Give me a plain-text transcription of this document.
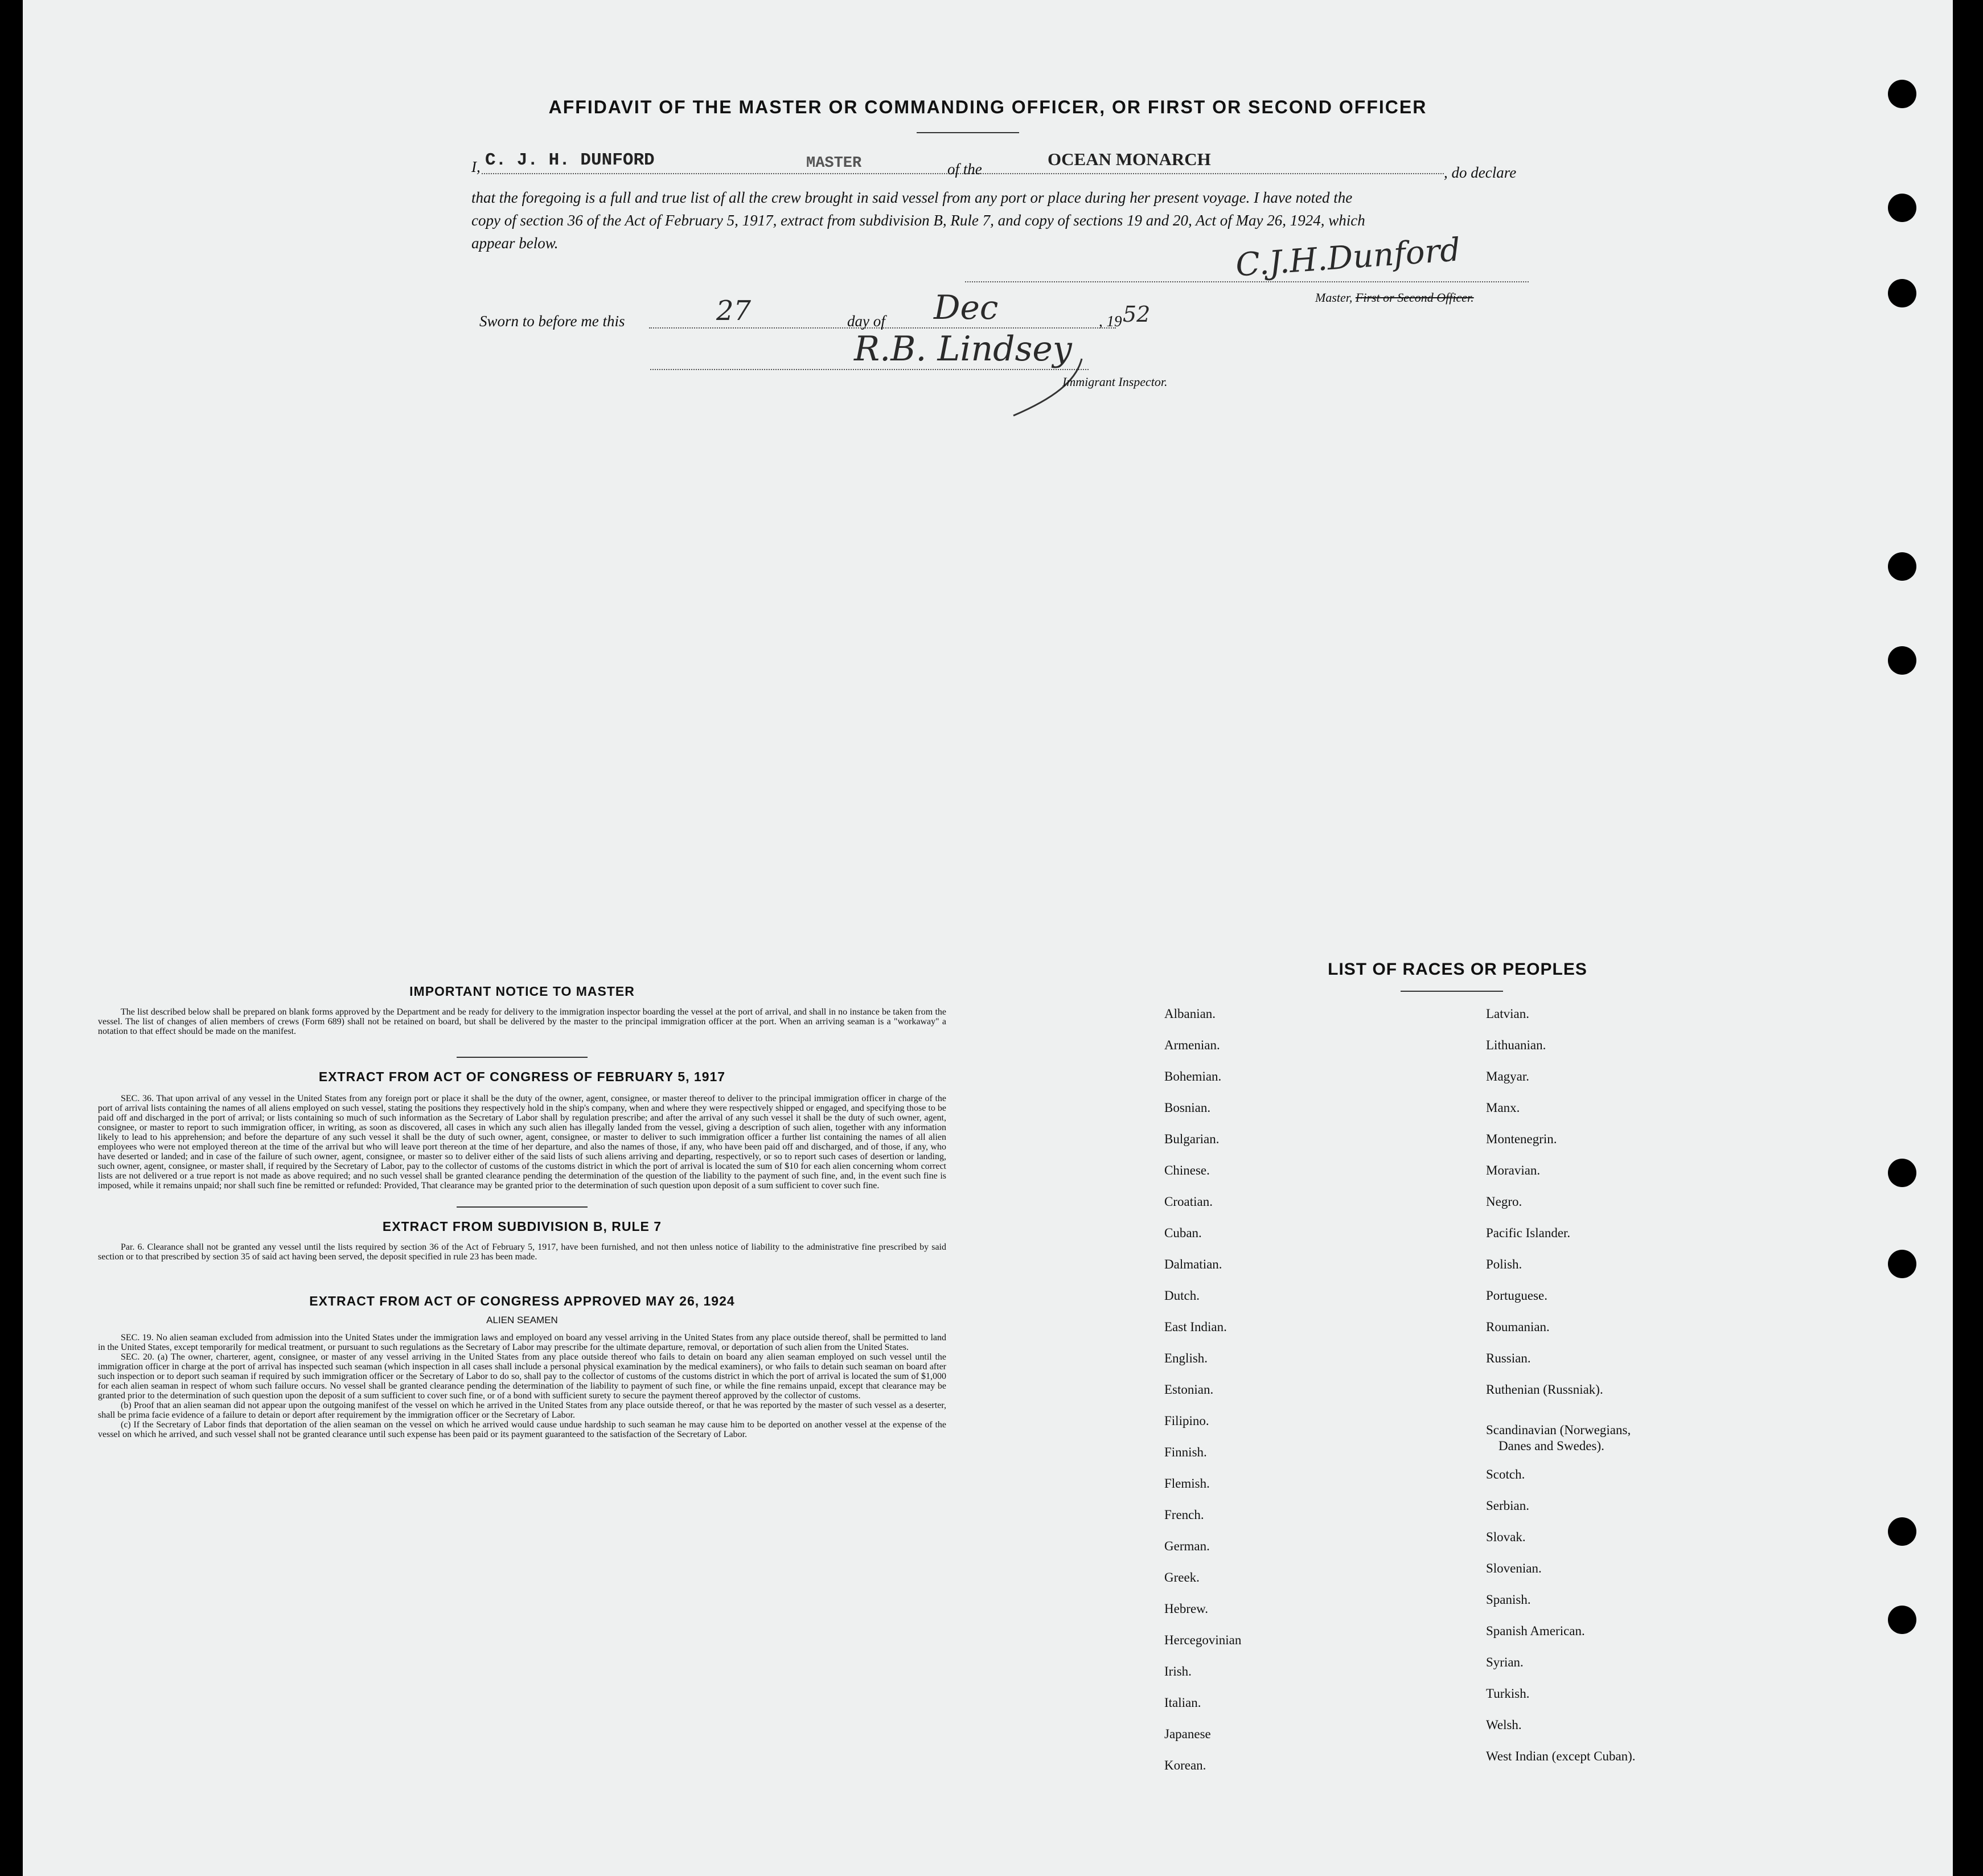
AFFIDAVIT OF THE MASTER OR COMMANDING OFFICER, OR FIRST OR SECOND OFFICER
I, C. J. H. DUNFORD	MASTER	of the	OCEAN MONARCH
, do declare
that the foregoing is a full and true list of all the crew brought in said vessel from any port or place during her present voyage. I have noted the
copy of section 36 of the Act of February 5, 1917, extract from subdivision B, Rule 7, and copy of sections 19 and 20, Act of May 26, 1924, which
appear below.	C.J.H.Dunford
Master, First or Second Officer.
Sworn to before me this	27	day of Dec	, 19 52
R.B. Lindsey
Immigrant Inspector.
IMPORTANT NOTICE TO MASTER

The list described below shall be prepared on blank forms approved by the Department and be ready for delivery to the immigration inspector boarding the vessel at the port of arrival, and shall in no instance be taken from the vessel. The list of changes of alien members of crews (Form 689) shall not be retained on board, but shall be delivered by the master to the principal immigration officer at the port. When an arriving seaman is a "workaway" a notation to that effect should be made on the manifest.

EXTRACT FROM ACT OF CONGRESS OF FEBRUARY 5, 1917

SEC. 36. That upon arrival of any vessel in the United States from any foreign port or place it shall be the duty of the owner, agent, consignee, or master thereof to deliver to the principal immigration officer in charge of the port of arrival lists containing the names of all aliens employed on such vessel, stating the positions they respectively hold in the ship's company, when and where they were respectively shipped or engaged, and specifying those to be paid off and discharged in the port of arrival; or lists containing so much of such information as the Secretary of Labor shall by regulation prescribe; and after the arrival of any such vessel it shall be the duty of such owner, agent, consignee, or master to report to such immigration officer, in writing, as soon as discovered, all cases in which any such alien has illegally landed from the vessel, giving a description of such alien, together with any information likely to lead to his apprehension; and before the departure of any such vessel it shall be the duty of such owner, agent, consignee, or master to deliver to such immigration officer a further list containing the names of all alien employees who were not employed thereon at the time of the arrival but who will leave port thereon at the time of her departure, and also the names of those, if any, who have been paid off and discharged, and of those, if any, who have deserted or landed; and in case of the failure of such owner, agent, consignee, or master so to deliver either of the said lists of such aliens arriving and departing, respectively, or so to report such cases of desertion or landing, such owner, agent, consignee, or master shall, if required by the Secretary of Labor, pay to the collector of customs of the customs district in which the port of arrival is located the sum of $10 for each alien concerning whom correct lists are not delivered or a true report is not made as above required; and no such vessel shall be granted clearance pending the determination of the question of the liability to the payment of such fine, and, in the event such fine is imposed, while it remains unpaid; nor shall such fine be remitted or refunded: Provided, That clearance may be granted prior to the determination of such question upon deposit of a sum sufficient to cover such fine.

EXTRACT FROM SUBDIVISION B, RULE 7

Par. 6. Clearance shall not be granted any vessel until the lists required by section 36 of the Act of February 5, 1917, have been furnished, and not then unless notice of liability to the administrative fine prescribed by said section or to that prescribed by section 35 of said act having been served, the deposit specified in rule 23 has been made.

EXTRACT FROM ACT OF CONGRESS APPROVED MAY 26, 1924
ALIEN SEAMEN

SEC. 19. No alien seaman excluded from admission into the United States under the immigration laws and employed on board any vessel arriving in the United States from any place outside thereof, shall be permitted to land in the United States, except temporarily for medical treatment, or pursuant to such regulations as the Secretary of Labor may prescribe for the ultimate departure, removal, or deportation of such alien from the United States.

SEC. 20. (a) The owner, charterer, agent, consignee, or master of any vessel arriving in the United States from any place outside thereof who fails to detain on board any alien seaman employed on such vessel until the immigration officer in charge at the port of arrival has inspected such seaman (which inspection in all cases shall include a personal physical examination by the medical examiners), or who fails to detain such seaman on board after such inspection or to deport such seaman if required by such immigration officer or the Secretary of Labor to do so, shall pay to the collector of customs of the customs district in which the port of arrival is located the sum of $1,000 for each alien seaman in respect of whom such failure occurs. No vessel shall be granted clearance pending the determination of the liability to payment of such fine, or while the fine remains unpaid, except that clearance may be granted prior to the determination of such question upon the deposit of a sum sufficient to cover such fine, or of a bond with sufficient surety to secure the payment thereof approved by the collector of customs.

(b) Proof that an alien seaman did not appear upon the outgoing manifest of the vessel on which he arrived in the United States from any place outside thereof, or that he was reported by the master of such vessel as a deserter, shall be prima facie evidence of a failure to detain or deport after requirement by the immigration officer or the Secretary of Labor.

(c) If the Secretary of Labor finds that deportation of the alien seaman on the vessel on which he arrived would cause undue hardship to such seaman he may cause him to be deported on another vessel at the expense of the vessel on which he arrived, and such vessel shall not be granted clearance until such expense has been paid or its payment guaranteed to the satisfaction of the Secretary of Labor.

LIST OF RACES OR PEOPLES
Albanian.
Armenian.
Bohemian.
Bosnian.
Bulgarian.
Chinese.
Croatian.
Cuban.
Dalmatian.
Dutch.
East Indian.
English.
Estonian.
Filipino.
Finnish.
Flemish.
French.
German.
Greek.
Hebrew.
Hercegovinian
Irish.
Italian.
Japanese
Korean.
Latvian.
Lithuanian.
Magyar.
Manx.
Montenegrin.
Moravian.
Negro.
Pacific Islander.
Polish.
Portuguese.
Roumanian.
Russian.
Ruthenian (Russniak).
Scandinavian (Norwegians,
Danes and Swedes).
Scotch.
Serbian.
Slovak.
Slovenian.
Spanish.
Spanish American.
Syrian.
Turkish.
Welsh.
West Indian (except Cuban).
